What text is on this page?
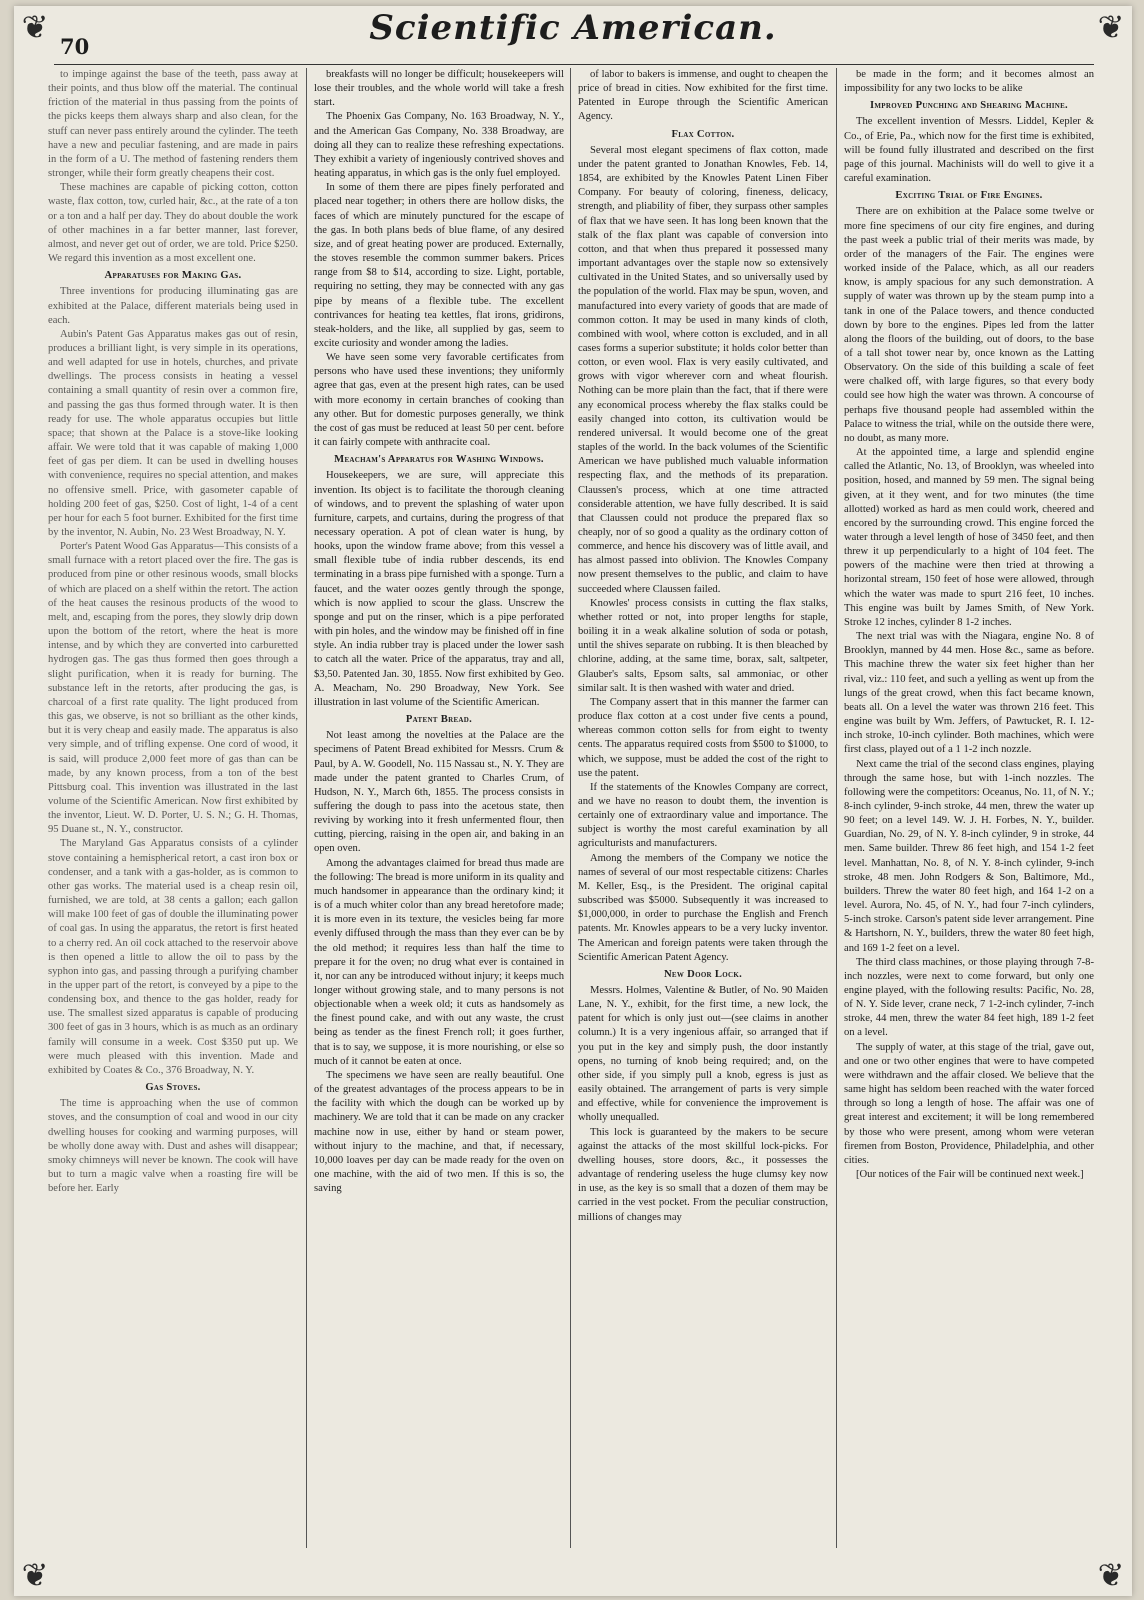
Scientific American.
70
❦	❦
❦	❦

to impinge against the base of the teeth, pass away at their points, and thus blow off the material. The continual friction of the material in thus passing from the points of the picks keeps them always sharp and also clean, for the stuff can never pass entirely around the cylinder. The teeth have a new and peculiar fastening, and are made in pairs in the form of a U. The method of fastening renders them stronger, while their form greatly cheapens their cost.

These machines are capable of picking cotton, cotton waste, flax cotton, tow, curled hair, &c., at the rate of a ton or a ton and a half per day. They do about double the work of other machines in a far better manner, last forever, almost, and never get out of order, we are told. Price $250. We regard this invention as a most excellent one.

Apparatuses for Making Gas.

Three inventions for producing illuminating gas are exhibited at the Palace, different materials being used in each.

Aubin's Patent Gas Apparatus makes gas out of resin, produces a brilliant light, is very simple in its operations, and well adapted for use in hotels, churches, and private dwellings. The process consists in heating a vessel containing a small quantity of resin over a common fire, and passing the gas thus formed through water. It is then ready for use. The whole apparatus occupies but little space; that shown at the Palace is a stove-like looking affair. We were told that it was capable of making 1,000 feet of gas per diem. It can be used in dwelling houses with convenience, requires no special attention, and makes no offensive smell. Price, with gasometer capable of holding 200 feet of gas, $250. Cost of light, 1-4 of a cent per hour for each 5 foot burner. Exhibited for the first time by the inventor, N. Aubin, No. 23 West Broadway, N. Y.

Porter's Patent Wood Gas Apparatus—This consists of a small furnace with a retort placed over the fire. The gas is produced from pine or other resinous woods, small blocks of which are placed on a shelf within the retort. The action of the heat causes the resinous products of the wood to melt, and, escaping from the pores, they slowly drip down upon the bottom of the retort, where the heat is more intense, and by which they are converted into carburetted hydrogen gas. The gas thus formed then goes through a slight purification, when it is ready for burning. The substance left in the retorts, after producing the gas, is charcoal of a first rate quality. The light produced from this gas, we observe, is not so brilliant as the other kinds, but it is very cheap and easily made. The apparatus is also very simple, and of trifling expense. One cord of wood, it is said, will produce 2,000 feet more of gas than can be made, by any known process, from a ton of the best Pittsburg coal. This invention was illustrated in the last volume of the Scientific American. Now first exhibited by the inventor, Lieut. W. D. Porter, U. S. N.; G. H. Thomas, 95 Duane st., N. Y., constructor.

The Maryland Gas Apparatus consists of a cylinder stove containing a hemispherical retort, a cast iron box or condenser, and a tank with a gas-holder, as is common to other gas works. The material used is a cheap resin oil, furnished, we are told, at 38 cents a gallon; each gallon will make 100 feet of gas of double the illuminating power of coal gas. In using the apparatus, the retort is first heated to a cherry red. An oil cock attached to the reservoir above is then opened a little to allow the oil to pass by the syphon into gas, and passing through a purifying chamber in the upper part of the retort, is conveyed by a pipe to the condensing box, and thence to the gas holder, ready for use. The smallest sized apparatus is capable of producing 300 feet of gas in 3 hours, which is as much as an ordinary family will consume in a week. Cost $350 put up. We were much pleased with this invention. Made and exhibited by Coates & Co., 376 Broadway, N. Y.

Gas Stoves.

The time is approaching when the use of common stoves, and the consumption of coal and wood in our city dwelling houses for cooking and warming purposes, will be wholly done away with. Dust and ashes will disappear; smoky chimneys will never be known. The cook will have but to turn a magic valve when a roasting fire will be before her. Early

breakfasts will no longer be difficult; housekeepers will lose their troubles, and the whole world will take a fresh start.

The Phoenix Gas Company, No. 163 Broadway, N. Y., and the American Gas Company, No. 338 Broadway, are doing all they can to realize these refreshing expectations. They exhibit a variety of ingeniously contrived shoves and heating apparatus, in which gas is the only fuel employed.

In some of them there are pipes finely perforated and placed near together; in others there are hollow disks, the faces of which are minutely punctured for the escape of the gas. In both plans beds of blue flame, of any desired size, and of great heating power are produced. Externally, the stoves resemble the common summer bakers. Prices range from $8 to $14, according to size. Light, portable, requiring no setting, they may be connected with any gas pipe by means of a flexible tube. The excellent contrivances for heating tea kettles, flat irons, gridirons, steak-holders, and the like, all supplied by gas, seem to excite curiosity and wonder among the ladies.

We have seen some very favorable certificates from persons who have used these inventions; they uniformly agree that gas, even at the present high rates, can be used with more economy in certain branches of cooking than any other. But for domestic purposes generally, we think the cost of gas must be reduced at least 50 per cent. before it can fairly compete with anthracite coal.

Meacham's Apparatus for Washing Windows.

Housekeepers, we are sure, will appreciate this invention. Its object is to facilitate the thorough cleaning of windows, and to prevent the splashing of water upon furniture, carpets, and curtains, during the progress of that necessary operation. A pot of clean water is hung, by hooks, upon the window frame above; from this vessel a small flexible tube of india rubber descends, its end terminating in a brass pipe furnished with a sponge. Turn a faucet, and the water oozes gently through the sponge, which is now applied to scour the glass. Unscrew the sponge and put on the rinser, which is a pipe perforated with pin holes, and the window may be finished off in fine style. An india rubber tray is placed under the lower sash to catch all the water. Price of the apparatus, tray and all, $3,50. Patented Jan. 30, 1855. Now first exhibited by Geo. A. Meacham, No. 290 Broadway, New York. See illustration in last volume of the Scientific American.

Patent Bread.

Not least among the novelties at the Palace are the specimens of Patent Bread exhibited for Messrs. Crum & Paul, by A. W. Goodell, No. 115 Nassau st., N. Y. They are made under the patent granted to Charles Crum, of Hudson, N. Y., March 6th, 1855. The process consists in suffering the dough to pass into the acetous state, then reviving by working into it fresh unfermented flour, then cutting, piercing, raising in the open air, and baking in an open oven.

Among the advantages claimed for bread thus made are the following: The bread is more uniform in its quality and much handsomer in appearance than the ordinary kind; it is of a much whiter color than any bread heretofore made; it is more even in its texture, the vesicles being far more evenly diffused through the mass than they ever can be by the old method; it requires less than half the time to prepare it for the oven; no drug what ever is contained in it, nor can any be introduced without injury; it keeps much longer without growing stale, and to many persons is not objectionable when a week old; it cuts as handsomely as the finest pound cake, and with out any waste, the crust being as tender as the finest French roll; it goes further, that is to say, we suppose, it is more nourishing, or else so much of it cannot be eaten at once.

The specimens we have seen are really beautiful. One of the greatest advantages of the process appears to be in the facility with which the dough can be worked up by machinery. We are told that it can be made on any cracker machine now in use, either by hand or steam power, without injury to the machine, and that, if necessary, 10,000 loaves per day can be made ready for the oven on one machine, with the aid of two men. If this is so, the saving

of labor to bakers is immense, and ought to cheapen the price of bread in cities. Now exhibited for the first time. Patented in Europe through the Scientific American Agency.

Flax Cotton.

Several most elegant specimens of flax cotton, made under the patent granted to Jonathan Knowles, Feb. 14, 1854, are exhibited by the Knowles Patent Linen Fiber Company. For beauty of coloring, fineness, delicacy, strength, and pliability of fiber, they surpass other samples of flax that we have seen. It has long been known that the stalk of the flax plant was capable of conversion into cotton, and that when thus prepared it possessed many important advantages over the staple now so extensively cultivated in the United States, and so universally used by the population of the world. Flax may be spun, woven, and manufactured into every variety of goods that are made of common cotton. It may be used in many kinds of cloth, combined with wool, where cotton is excluded, and in all cases forms a superior substitute; it holds color better than cotton, or even wool. Flax is very easily cultivated, and grows with vigor wherever corn and wheat flourish. Nothing can be more plain than the fact, that if there were any economical process whereby the flax stalks could be easily changed into cotton, its cultivation would be rendered universal. It would become one of the great staples of the world. In the back volumes of the Scientific American we have published much valuable information respecting flax, and the methods of its preparation. Claussen's process, which at one time attracted considerable attention, we have fully described. It is said that Claussen could not produce the prepared flax so cheaply, nor of so good a quality as the ordinary cotton of commerce, and hence his discovery was of little avail, and has almost passed into oblivion. The Knowles Company now present themselves to the public, and claim to have succeeded where Claussen failed.

Knowles' process consists in cutting the flax stalks, whether rotted or not, into proper lengths for staple, boiling it in a weak alkaline solution of soda or potash, until the shives separate on rubbing. It is then bleached by chlorine, adding, at the same time, borax, salt, saltpeter, Glauber's salts, Epsom salts, sal ammoniac, or other similar salt. It is then washed with water and dried.

The Company assert that in this manner the farmer can produce flax cotton at a cost under five cents a pound, whereas common cotton sells for from eight to twenty cents. The apparatus required costs from $500 to $1000, to which, we suppose, must be added the cost of the right to use the patent.

If the statements of the Knowles Company are correct, and we have no reason to doubt them, the invention is certainly one of extraordinary value and importance. The subject is worthy the most careful examination by all agriculturists and manufacturers.

Among the members of the Company we notice the names of several of our most respectable citizens: Charles M. Keller, Esq., is the President. The original capital subscribed was $5000. Subsequently it was increased to $1,000,000, in order to purchase the English and French patents. Mr. Knowles appears to be a very lucky inventor. The American and foreign patents were taken through the Scientific American Patent Agency.

New Door Lock.

Messrs. Holmes, Valentine & Butler, of No. 90 Maiden Lane, N. Y., exhibit, for the first time, a new lock, the patent for which is only just out—(see claims in another column.) It is a very ingenious affair, so arranged that if you put in the key and simply push, the door instantly opens, no turning of knob being required; and, on the other side, if you simply pull a knob, egress is just as easily obtained. The arrangement of parts is very simple and effective, while for convenience the improvement is wholly unequalled.

This lock is guaranteed by the makers to be secure against the attacks of the most skillful lock-picks. For dwelling houses, store doors, &c., it possesses the advantage of rendering useless the huge clumsy key now in use, as the key is so small that a dozen of them may be carried in the vest pocket. From the peculiar construction, millions of changes may

be made in the form; and it becomes almost an impossibility for any two locks to be alike

Improved Punching and Shearing Machine.

The excellent invention of Messrs. Liddel, Kepler & Co., of Erie, Pa., which now for the first time is exhibited, will be found fully illustrated and described on the first page of this journal. Machinists will do well to give it a careful examination.

Exciting Trial of Fire Engines.

There are on exhibition at the Palace some twelve or more fine specimens of our city fire engines, and during the past week a public trial of their merits was made, by order of the managers of the Fair. The engines were worked inside of the Palace, which, as all our readers know, is amply spacious for any such demonstration. A supply of water was thrown up by the steam pump into a tank in one of the Palace towers, and thence conducted down by bore to the engines. Pipes led from the latter along the floors of the building, out of doors, to the base of a tall shot tower near by, once known as the Latting Observatory. On the side of this building a scale of feet were chalked off, with large figures, so that every body could see how high the water was thrown. A concourse of perhaps five thousand people had assembled within the Palace to witness the trial, while on the outside there were, no doubt, as many more.

At the appointed time, a large and splendid engine called the Atlantic, No. 13, of Brooklyn, was wheeled into position, hosed, and manned by 59 men. The signal being given, at it they went, and for two minutes (the time allotted) worked as hard as men could work, cheered and encored by the surrounding crowd. This engine forced the water through a level length of hose of 3450 feet, and then threw it up perpendicularly to a hight of 104 feet. The powers of the machine were then tried at throwing a horizontal stream, 150 feet of hose were allowed, through which the water was made to spurt 216 feet, 10 inches. This engine was built by James Smith, of New York. Stroke 12 inches, cylinder 8 1-2 inches.

The next trial was with the Niagara, engine No. 8 of Brooklyn, manned by 44 men. Hose &c., same as before. This machine threw the water six feet higher than her rival, viz.: 110 feet, and such a yelling as went up from the lungs of the great crowd, when this fact became known, beats all. On a level the water was thrown 216 feet. This engine was built by Wm. Jeffers, of Pawtucket, R. I. 12-inch stroke, 10-inch cylinder. Both machines, which were first class, played out of a 1 1-2 inch nozzle.

Next came the trial of the second class engines, playing through the same hose, but with 1-inch nozzles. The following were the competitors: Oceanus, No. 11, of N. Y.; 8-inch cylinder, 9-inch stroke, 44 men, threw the water up 90 feet; on a level 149. W. J. H. Forbes, N. Y., builder. Guardian, No. 29, of N. Y. 8-inch cylinder, 9 in stroke, 44 men. Same builder. Threw 86 feet high, and 154 1-2 feet level. Manhattan, No. 8, of N. Y. 8-inch cylinder, 9-inch stroke, 48 men. John Rodgers & Son, Baltimore, Md., builders. Threw the water 80 feet high, and 164 1-2 on a level. Aurora, No. 45, of N. Y., had four 7-inch cylinders, 5-inch stroke. Carson's patent side lever arrangement. Pine & Hartshorn, N. Y., builders, threw the water 80 feet high, and 169 1-2 feet on a level.

The third class machines, or those playing through 7-8-inch nozzles, were next to come forward, but only one engine played, with the following results: Pacific, No. 28, of N. Y. Side lever, crane neck, 7 1-2-inch cylinder, 7-inch stroke, 44 men, threw the water 84 feet high, 189 1-2 feet on a level.

The supply of water, at this stage of the trial, gave out, and one or two other engines that were to have competed were withdrawn and the affair closed. We believe that the same hight has seldom been reached with the water forced through so long a length of hose. The affair was one of great interest and excitement; it will be long remembered by those who were present, among whom were veteran firemen from Boston, Providence, Philadelphia, and other cities.

[Our notices of the Fair will be continued next week.]
